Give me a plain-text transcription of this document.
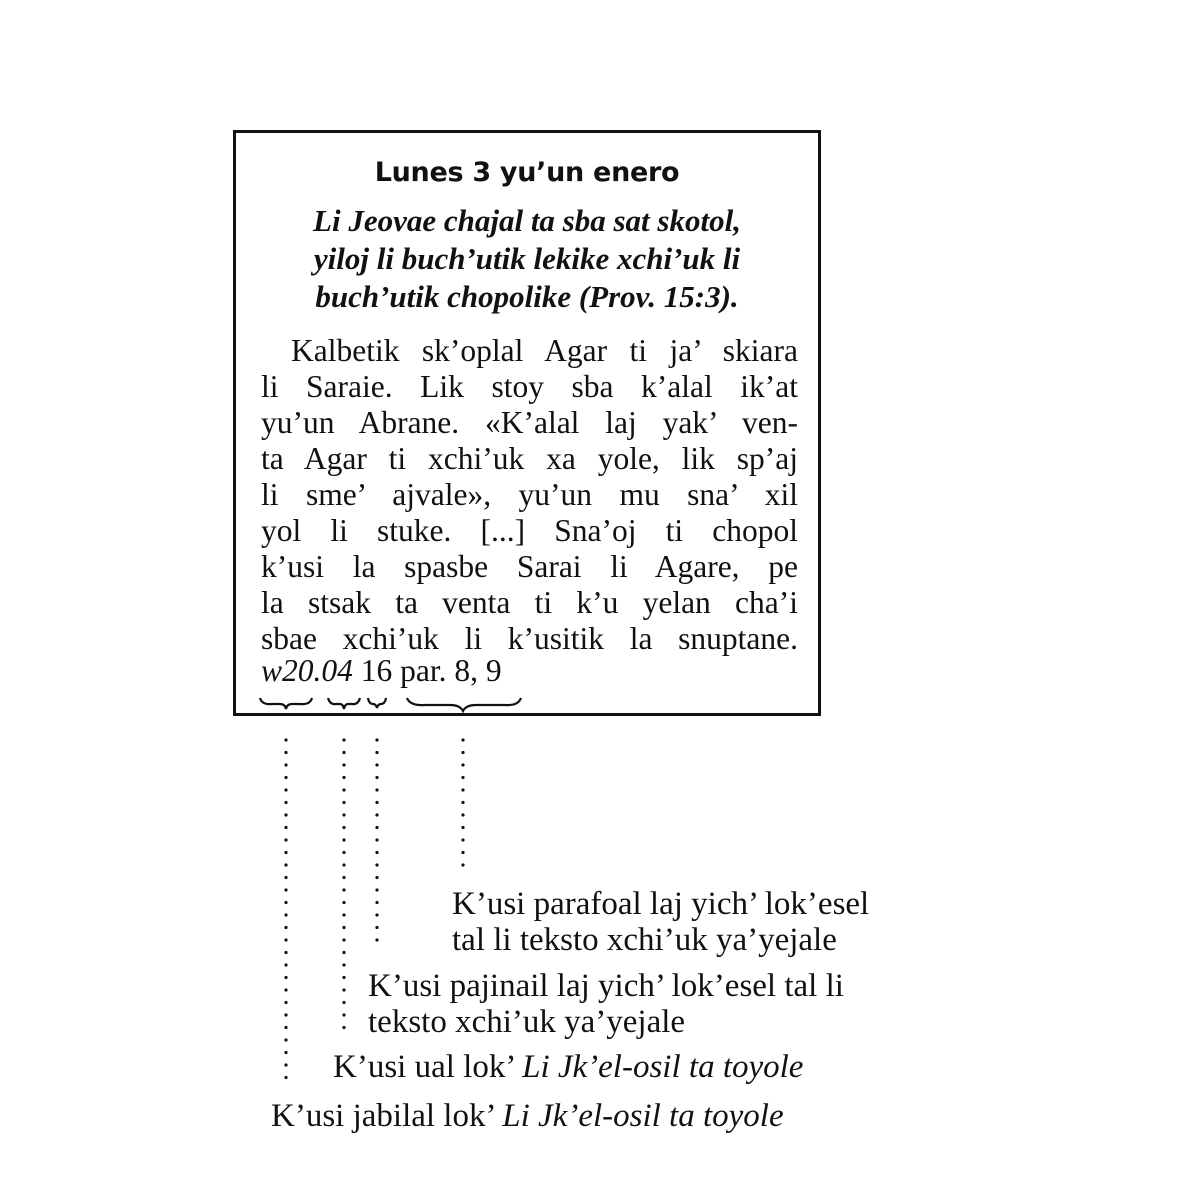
Lunes 3 yu’un enero
Li Jeovae chajal ta sba sat skotol,
yiloj li buch’utik lekike xchi’uk li
buch’utik chopolike (Prov. 15:3).
Kalbetik sk’oplal Agar ti ja’ skiara
li Saraie. Lik stoy sba k’alal ik’at
yu’un Abrane. «K’alal laj yak’ ven-
ta Agar ti xchi’uk xa yole, lik sp’aj
li sme’ ajvale», yu’un mu sna’ xil
yol li stuke. [...] Sna’oj ti chopol
k’usi la spasbe Sarai li Agare, pe
la stsak ta venta ti k’u yelan cha’i
sbae xchi’uk li k’usitik la snuptane.
w20.04 16 par. 8, 9
K’usi parafoal laj yich’ lok’esel
tal li teksto xchi’uk ya’yejale
K’usi pajinail laj yich’ lok’esel tal li
teksto xchi’uk ya’yejale
K’usi ual lok’ Li Jk’el-osil ta toyole
K’usi jabilal lok’ Li Jk’el-osil ta toyole
